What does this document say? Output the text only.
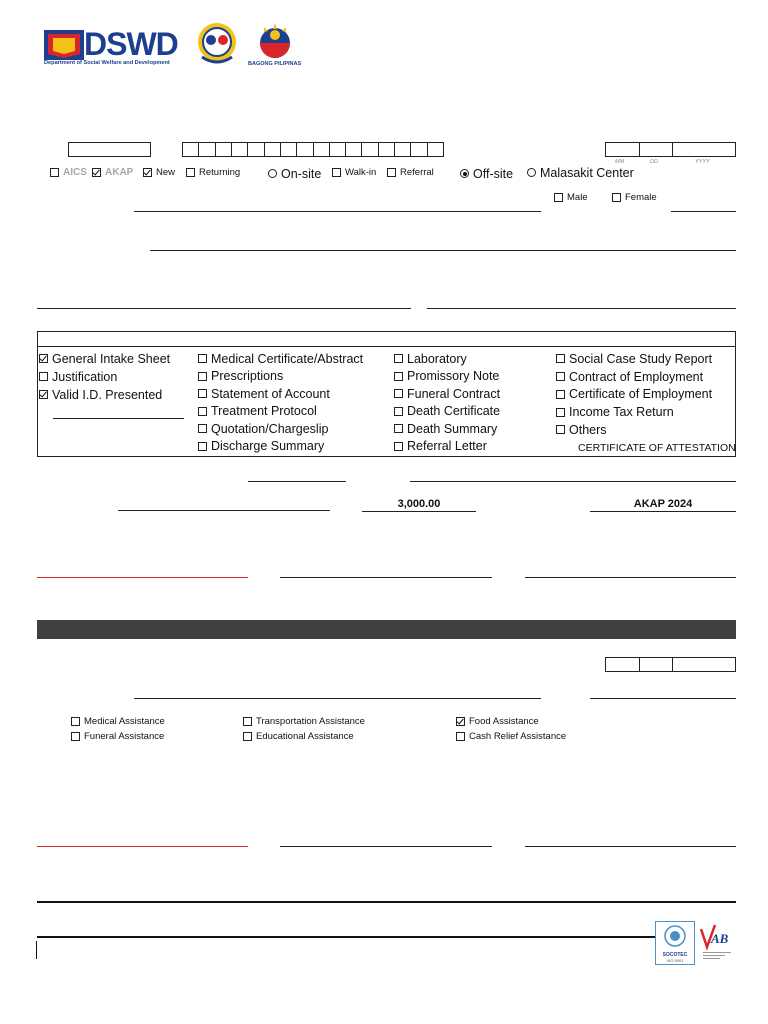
DSWD
Department of Social Welfare and Development	BAGONG PILIPINAS
MM	DD	YYYY
AICS	AKAP	New	Returning	On-site	Walk-in	Referral	Off-site	Malasakit Center
Male	Female
General Intake Sheet
Justification
Valid I.D. Presented
Medical Certificate/Abstract
Prescriptions
Statement of Account
Treatment Protocol
Quotation/Chargeslip
Discharge Summary
Laboratory
Promissory Note
Funeral Contract
Death Certificate
Death Summary
Referral Letter
Social Case Study Report
Contract of Employment
Certificate of Employment
Income Tax Return
Others
CERTIFICATE OF ATTESTATION
3,000.00	AKAP 2024
Medical Assistance
Funeral Assistance
Transportation Assistance
Educational Assistance
Food Assistance
Cash Relief Assistance
SOCOTEC
ISO 9001
AB
